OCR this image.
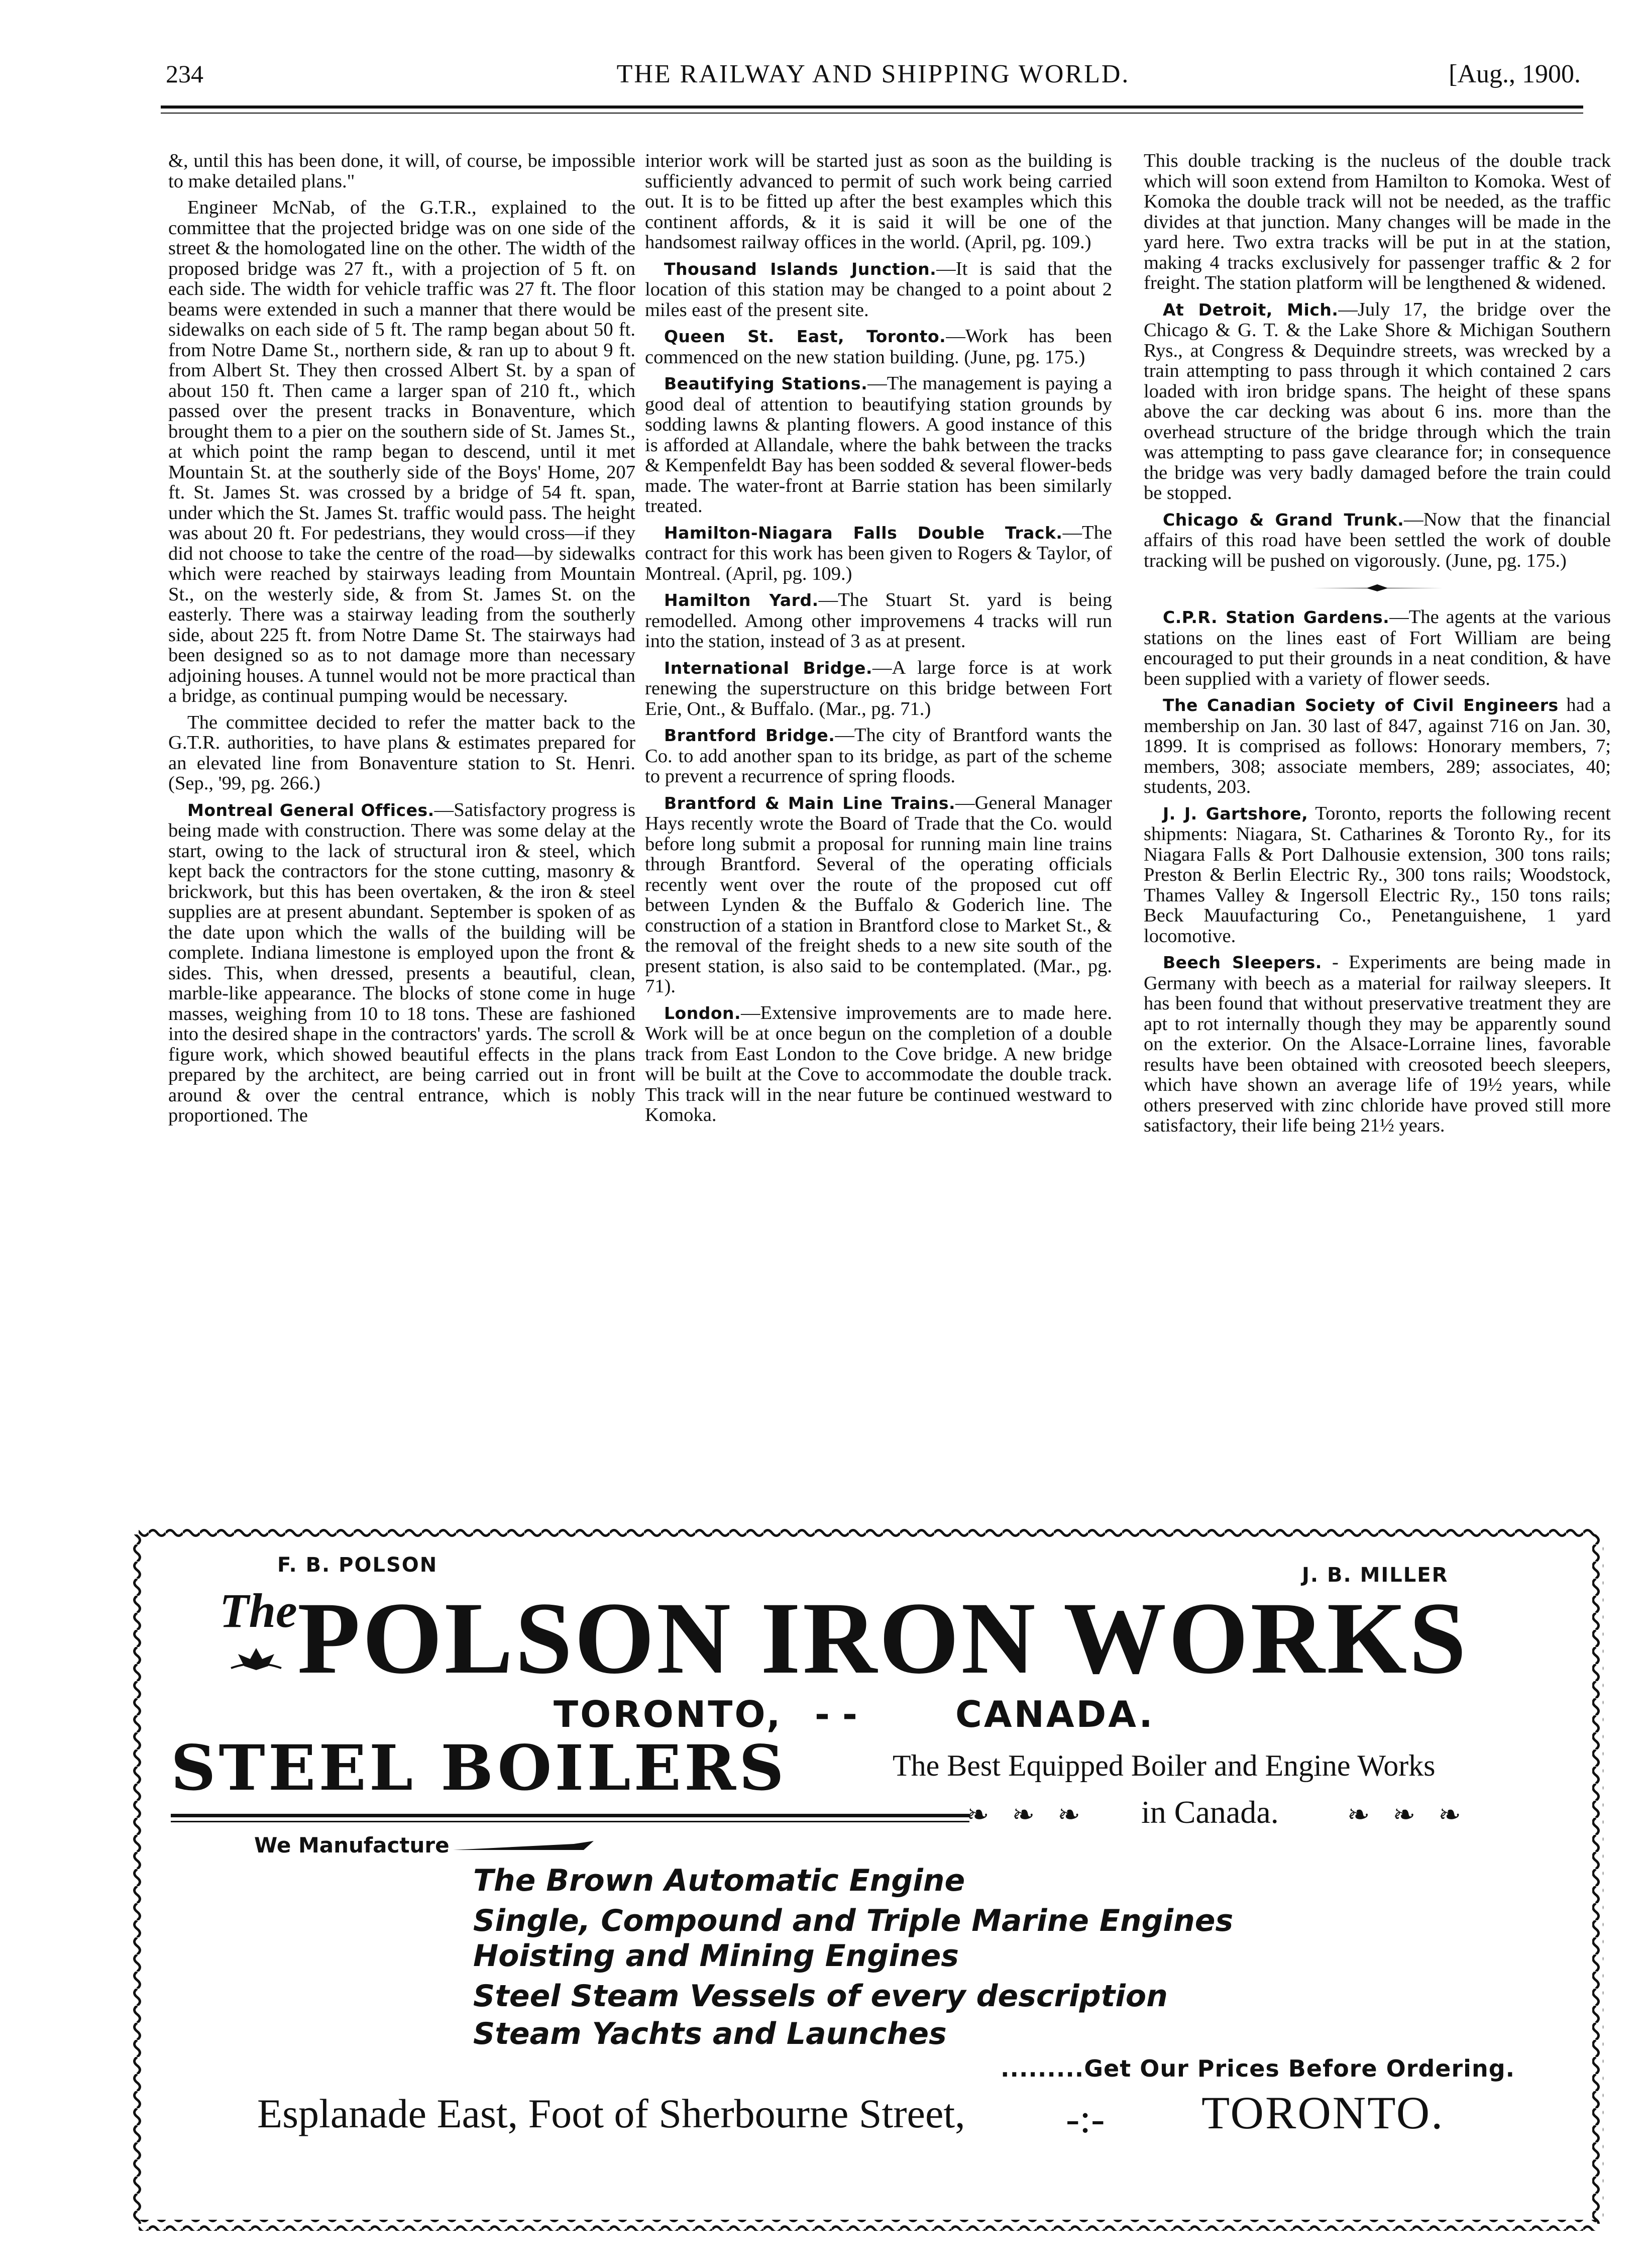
234	THE RAILWAY AND SHIPPING WORLD.	[Aug., 1900.

&, until this has been done, it will, of course, be impossible to make detailed plans."

Engineer McNab, of the G.T.R., explained to the committee that the projected bridge was on one side of the street & the homologated line on the other. The width of the proposed bridge was 27 ft., with a projection of 5 ft. on each side. The width for vehicle traffic was 27 ft. The floor beams were extended in such a manner that there would be sidewalks on each side of 5 ft. The ramp began about 50 ft. from Notre Dame St., northern side, & ran up to about 9 ft. from Albert St. They then crossed Albert St. by a span of about 150 ft. Then came a larger span of 210 ft., which passed over the present tracks in Bonaventure, which brought them to a pier on the southern side of St. James St., at which point the ramp began to descend, until it met Mountain St. at the southerly side of the Boys' Home, 207 ft. St. James St. was crossed by a bridge of 54 ft. span, under which the St. James St. traffic would pass. The height was about 20 ft. For pedestrians, they would cross—if they did not choose to take the centre of the road—by sidewalks which were reached by stairways leading from Mountain St., on the westerly side, & from St. James St. on the easterly. There was a stairway leading from the southerly side, about 225 ft. from Notre Dame St. The stairways had been designed so as to not damage more than necessary adjoining houses. A tunnel would not be more practical than a bridge, as continual pumping would be necessary.

The committee decided to refer the matter back to the G.T.R. authorities, to have plans & estimates prepared for an elevated line from Bonaventure station to St. Henri. (Sep., '99, pg. 266.)

Montreal General Offices.—Satisfactory progress is being made with construction. There was some delay at the start, owing to the lack of structural iron & steel, which kept back the contractors for the stone cutting, masonry & brickwork, but this has been overtaken, & the iron & steel supplies are at present abundant. September is spoken of as the date upon which the walls of the building will be complete. Indiana limestone is employed upon the front & sides. This, when dressed, presents a beautiful, clean, marble-like appearance. The blocks of stone come in huge masses, weighing from 10 to 18 tons. These are fashioned into the desired shape in the contractors' yards. The scroll & figure work, which showed beautiful effects in the plans prepared by the architect, are being carried out in front around & over the central entrance, which is nobly proportioned. The

interior work will be started just as soon as the building is sufficiently advanced to permit of such work being carried out. It is to be fitted up after the best examples which this continent affords, & it is said it will be one of the handsomest railway offices in the world. (April, pg. 109.)

Thousand Islands Junction.—It is said that the location of this station may be changed to a point about 2 miles east of the present site.

Queen St. East, Toronto.—Work has been commenced on the new station building. (June, pg. 175.)

Beautifying Stations.—The management is paying a good deal of attention to beautifying station grounds by sodding lawns & planting flowers. A good instance of this is afforded at Allandale, where the bahk between the tracks & Kempenfeldt Bay has been sodded & several flower-beds made. The water-front at Barrie station has been similarly treated.

Hamilton-Niagara Falls Double Track.—The contract for this work has been given to Rogers & Taylor, of Montreal. (April, pg. 109.)

Hamilton Yard.—The Stuart St. yard is being remodelled. Among other improvemens 4 tracks will run into the station, instead of 3 as at present.

International Bridge.—A large force is at work renewing the superstructure on this bridge between Fort Erie, Ont., & Buffalo. (Mar., pg. 71.)

Brantford Bridge.—The city of Brantford wants the Co. to add another span to its bridge, as part of the scheme to prevent a recurrence of spring floods.

Brantford & Main Line Trains.—General Manager Hays recently wrote the Board of Trade that the Co. would before long submit a proposal for running main line trains through Brantford. Several of the operating officials recently went over the route of the proposed cut off between Lynden & the Buffalo & Goderich line. The construction of a station in Brantford close to Market St., & the removal of the freight sheds to a new site south of the present station, is also said to be contemplated. (Mar., pg. 71).

London.—Extensive improvements are to made here. Work will be at once begun on the completion of a double track from East London to the Cove bridge. A new bridge will be built at the Cove to accommodate the double track. This track will in the near future be continued westward to Komoka.

This double tracking is the nucleus of the double track which will soon extend from Hamilton to Komoka. West of Komoka the double track will not be needed, as the traffic divides at that junction. Many changes will be made in the yard here. Two extra tracks will be put in at the station, making 4 tracks exclusively for passenger traffic & 2 for freight. The station platform will be lengthened & widened.

At Detroit, Mich.—July 17, the bridge over the Chicago & G. T. & the Lake Shore & Michigan Southern Rys., at Congress & Dequindre streets, was wrecked by a train attempting to pass through it which contained 2 cars loaded with iron bridge spans. The height of these spans above the car decking was about 6 ins. more than the overhead structure of the bridge through which the train was attempting to pass gave clearance for; in consequence the bridge was very badly damaged before the train could be stopped.

Chicago & Grand Trunk.—Now that the financial affairs of this road have been settled the work of double tracking will be pushed on vigorously. (June, pg. 175.)

C.P.R. Station Gardens.—The agents at the various stations on the lines east of Fort William are being encouraged to put their grounds in a neat condition, & have been supplied with a variety of flower seeds.

The Canadian Society of Civil Engineers had a membership on Jan. 30 last of 847, against 716 on Jan. 30, 1899. It is comprised as follows: Honorary members, 7; members, 308; associate members, 289; associates, 40; students, 203.

J. J. Gartshore, Toronto, reports the following recent shipments: Niagara, St. Catharines & Toronto Ry., for its Niagara Falls & Port Dalhousie extension, 300 tons rails; Preston & Berlin Electric Ry., 300 tons rails; Woodstock, Thames Valley & Ingersoll Electric Ry., 150 tons rails; Beck Mauufacturing Co., Penetanguishene, 1 yard locomotive.

Beech Sleepers. - Experiments are being made in Germany with beech as a material for railway sleepers. It has been found that without preservative treatment they are apt to rot internally though they may be apparently sound on the exterior. On the Alsace-Lorraine lines, favorable results have been obtained with creosoted beech sleepers, which have shown an average life of 19½ years, while others preserved with zinc chloride have proved still more satisfactory, their life being 21½ years.

F. B. POLSON	J. B. MILLER
The POLSON IRON WORKS
TORONTO, - -	CANADA.
STEEL BOILERS	The Best Equipped Boiler and Engine Works
❧ ❧ ❧ in Canada.	❧ ❧ ❧
We Manufacture
The Brown Automatic Engine
Single, Compound and Triple Marine Engines
Hoisting and Mining Engines
Steel Steam Vessels of every description
Steam Yachts and Launches
.........Get Our Prices Before Ordering.
Esplanade East, Foot of Sherbourne Street, -:- TORONTO.
